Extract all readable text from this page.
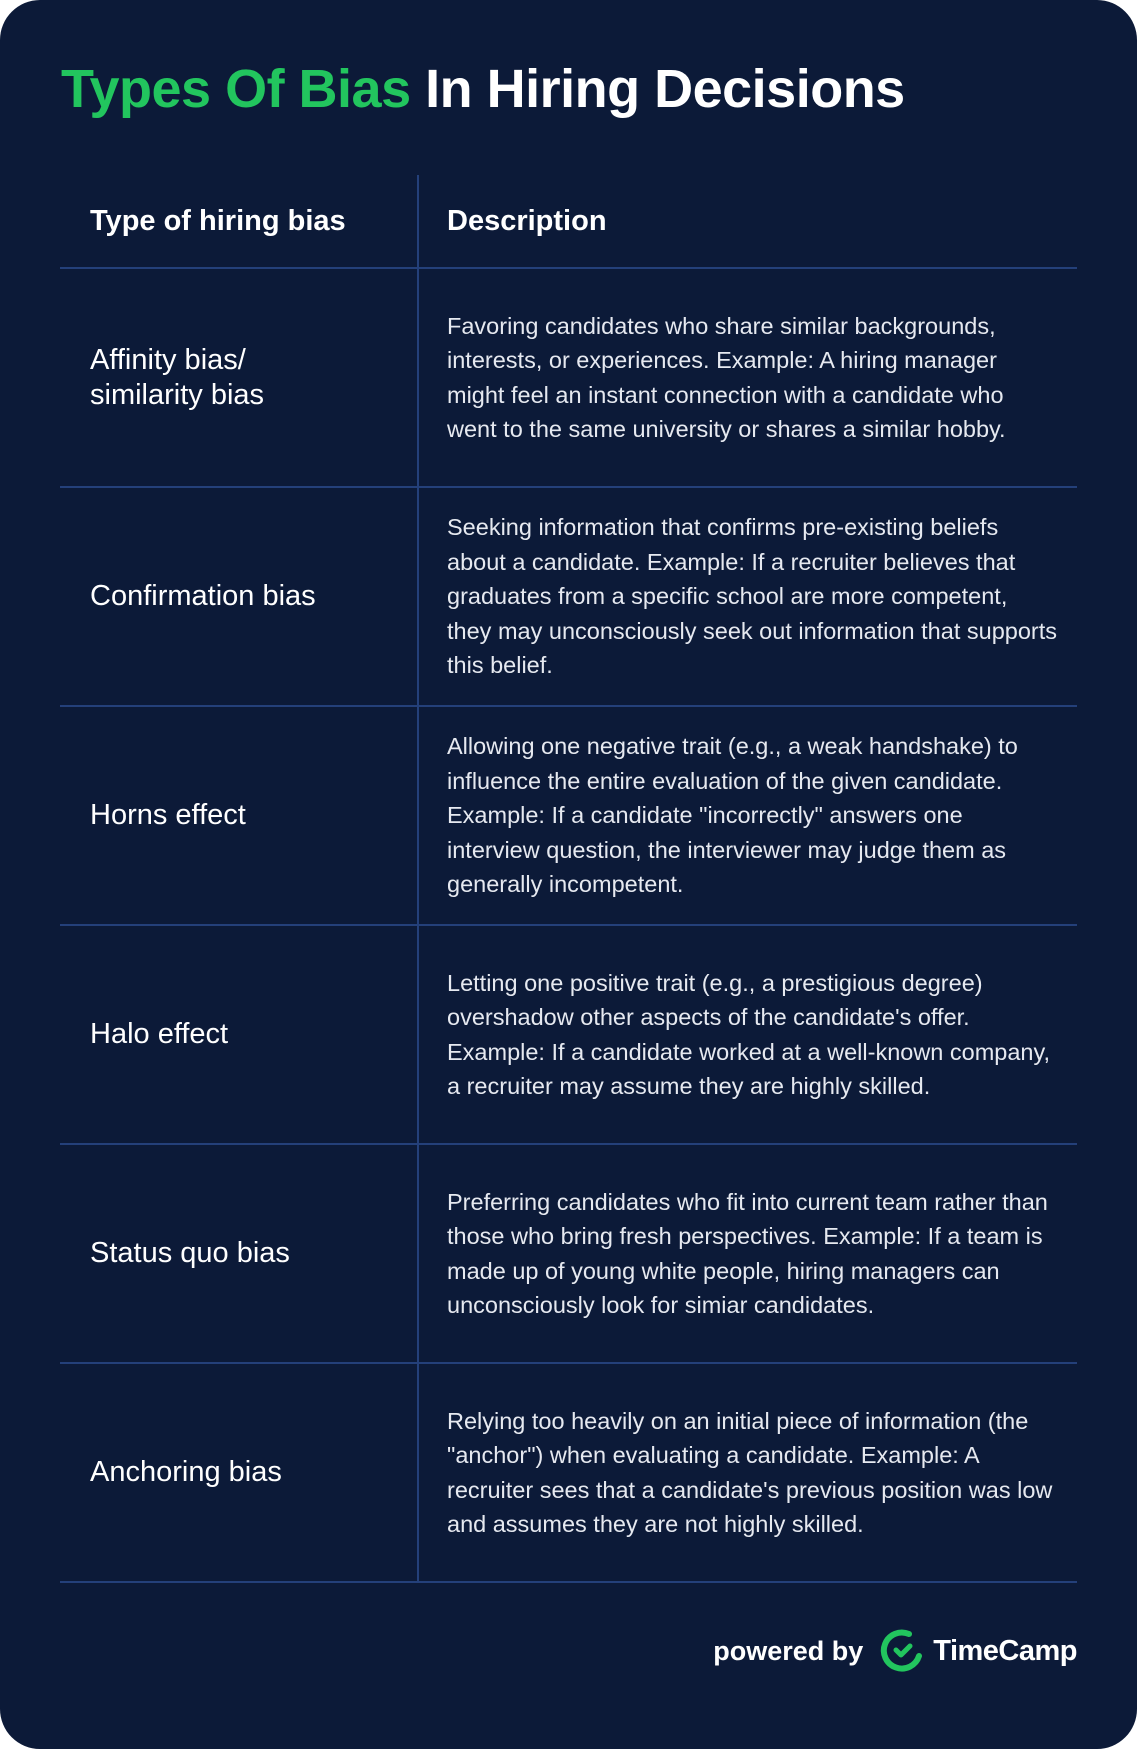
Types Of Bias In Hiring Decisions
Type of hiring bias	Description
Affinity bias/ similarity bias
Favoring candidates who share similar backgrounds, interests, or experiences. Example: A hiring manager might feel an instant connection with a candidate who went to the same university or shares a similar hobby.
Confirmation bias
Seeking information that confirms pre-existing beliefs about a candidate. Example: If a recruiter believes that graduates from a specific school are more competent, they may unconsciously seek out information that supports this belief.
Horns effect
Allowing one negative trait (e.g., a weak handshake) to influence the entire evaluation of the given candidate. Example: If a candidate "incorrectly" answers one interview question, the interviewer may judge them as generally incompetent.
Halo effect
Letting one positive trait (e.g., a prestigious degree) overshadow other aspects of the candidate's offer. Example: If a candidate worked at a well-known company, a recruiter may assume they are highly skilled.
Status quo bias
Preferring candidates who fit into current team rather than those who bring fresh perspectives. Example: If a team is made up of young white people, hiring managers can unconsciously look for simiar candidates.
Anchoring bias
Relying too heavily on an initial piece of information (the "anchor") when evaluating a candidate. Example: A recruiter sees that a candidate's previous position was low and assumes they are not highly skilled.
powered by TimeCamp
